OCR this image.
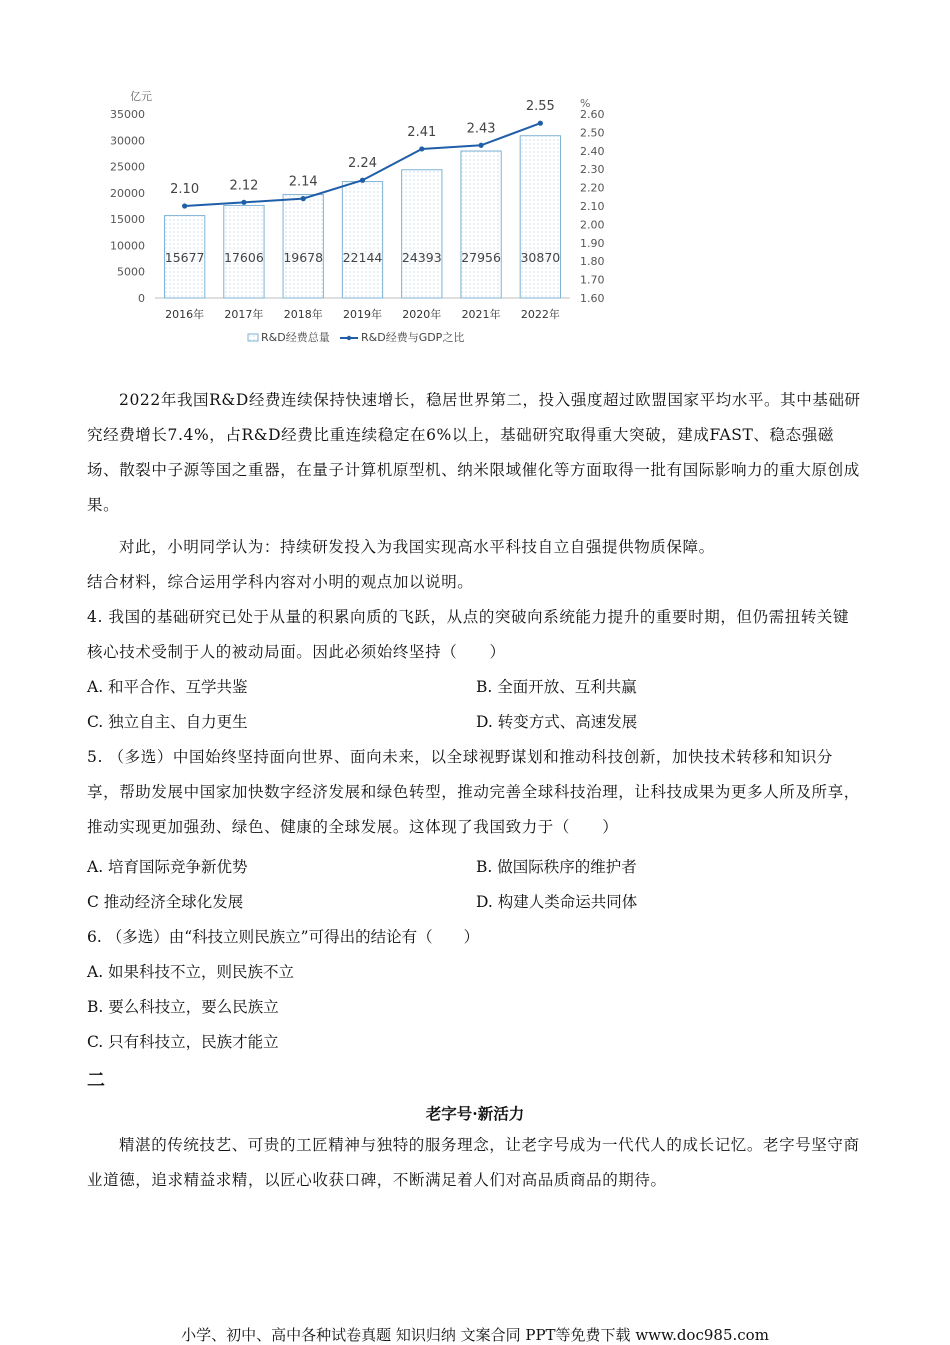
亿元
%
35000
30000
25000
20000
15000
10000
5000
0
2.60
2.50
2.40
2.30
2.20
2.10
2.00
1.90
1.80
1.70
1.60
15677
2016年
17606
2017年
19678
2018年
22144
2019年
24393
2020年
27956
2021年
30870
2022年
2.10 2.12 2.14
2.24
2.41 2.43
2.55
R&D经费总量	R&D经费与GDP之比
2022年我国R&D经费连续保持快速增长，稳居世界第二，投入强度超过欧盟国家平均水平。其中基础研究经费增长7.4%，占R&D经费比重连续稳定在6%以上，基础研究取得重大突破，建成FAST、稳态强磁场、散裂中子源等国之重器，在量子计算机原型机、纳米限域催化等方面取得一批有国际影响力的重大原创成果。
对此，小明同学认为：持续研发投入为我国实现高水平科技自立自强提供物质保障。
结合材料，综合运用学科内容对小明的观点加以说明。
4. 我国的基础研究已处于从量的积累向质的飞跃，从点的突破向系统能力提升的重要时期，但仍需扭转关键核心技术受制于人的被动局面。因此必须始终坚持（　　）
A. 和平合作、互学共鉴	B. 全面开放、互利共赢
C. 独立自主、自力更生	D. 转变方式、高速发展
5. （多选）中国始终坚持面向世界、面向未来，以全球视野谋划和推动科技创新，加快技术转移和知识分享，帮助发展中国家加快数字经济发展和绿色转型，推动完善全球科技治理，让科技成果为更多人所及所享，推动实现更加强劲、绿色、健康的全球发展。这体现了我国致力于（　　）
A. 培育国际竞争新优势	B. 做国际秩序的维护者
C 推动经济全球化发展	D. 构建人类命运共同体
6. （多选）由“科技立则民族立”可得出的结论有（　　）
A. 如果科技不立，则民族不立
B. 要么科技立，要么民族立
C. 只有科技立，民族才能立
二
老字号·新活力
精湛的传统技艺、可贵的工匠精神与独特的服务理念，让老字号成为一代代人的成长记忆。老字号坚守商业道德，追求精益求精，以匠心收获口碑，不断满足着人们对高品质商品的期待。
小学、初中、高中各种试卷真题 知识归纳 文案合同 PPT等免费下载 www.doc985.com
